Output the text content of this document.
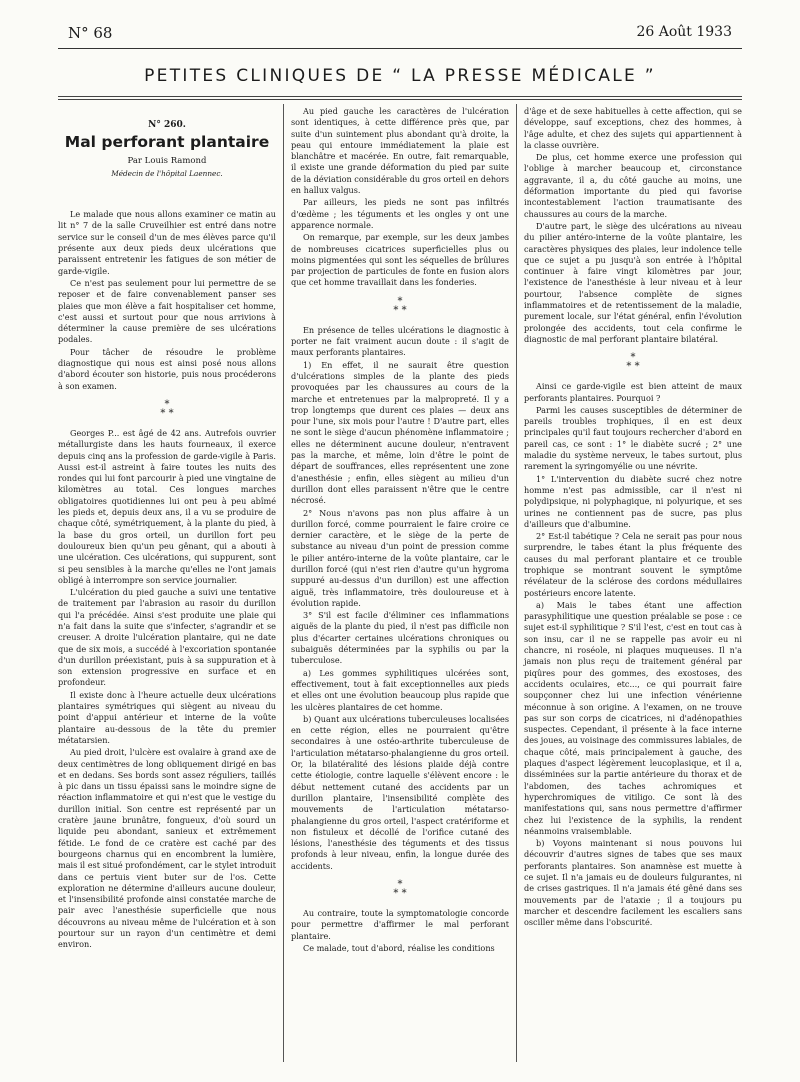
N° 68	26 Août 1933
PETITES CLINIQUES DE “ LA PRESSE MÉDICALE ”
N° 260.
Mal perforant plantaire
Par Louis Ramond
Médecin de l'hôpital Laennec.

Le malade que nous allons examiner ce matin au lit n° 7 de la salle Cruveilhier est entré dans notre service sur le conseil d'un de mes élèves parce qu'il présente aux deux pieds deux ulcérations que paraissent entretenir les fatigues de son métier de garde-vigile.

Ce n'est pas seulement pour lui permettre de se reposer et de faire convenablement panser ses plaies que mon élève a fait hospitaliser cet homme, c'est aussi et surtout pour que nous arrivions à déterminer la cause première de ses ulcérations podales.

Pour tâcher de résoudre le problème diagnostique qui nous est ainsi posé nous allons d'abord écouter son historie, puis nous procéderons à son examen.

*
* *

Georges P... est âgé de 42 ans. Autrefois ouvrier métallurgiste dans les hauts fourneaux, il exerce depuis cinq ans la profession de garde-vigile à Paris. Aussi est-il astreint à faire toutes les nuits des rondes qui lui font parcourir à pied une vingtaine de kilomètres au total. Ces longues marches obligatoires quotidiennes lui ont peu à peu abîmé les pieds et, depuis deux ans, il a vu se produire de chaque côté, symétriquement, à la plante du pied, à la base du gros orteil, un durillon fort peu douloureux bien qu'un peu gênant, qui a abouti à une ulcération. Ces ulcérations, qui suppurent, sont si peu sensibles à la marche qu'elles ne l'ont jamais obligé à interrompre son service journalier.

L'ulcération du pied gauche a suivi une tentative de traitement par l'abrasion au rasoir du durillon qui l'a précédée. Ainsi s'est produite une plaie qui n'a fait dans la suite que s'infecter, s'agrandir et se creuser. A droite l'ulcération plantaire, qui ne date que de six mois, a succédé à l'excoriation spontanée d'un durillon préexistant, puis à sa suppuration et à son extension progressive en surface et en profondeur.

Il existe donc à l'heure actuelle deux ulcérations plantaires symétriques qui siègent au niveau du point d'appui antérieur et interne de la voûte plantaire au-dessous de la tête du premier métatarsien.

Au pied droit, l'ulcère est ovalaire à grand axe de deux centimètres de long obliquement dirigé en bas et en dedans. Ses bords sont assez réguliers, taillés à pic dans un tissu épaissi sans le moindre signe de réaction inflammatoire et qui n'est que le vestige du durillon initial. Son centre est représenté par un cratère jaune brunâtre, fongueux, d'où sourd un liquide peu abondant, sanieux et extrêmement fétide. Le fond de ce cratère est caché par des bourgeons charnus qui en encombrent la lumière, mais il est situé profondément, car le stylet introduit dans ce pertuis vient buter sur de l'os. Cette exploration ne détermine d'ailleurs aucune douleur, et l'insensibilité profonde ainsi constatée marche de pair avec l'anesthésie superficielle que nous découvrons au niveau même de l'ulcération et à son pourtour sur un rayon d'un centimètre et demi environ.

Au pied gauche les caractères de l'ulcération sont identiques, à cette différence près que, par suite d'un suintement plus abondant qu'à droite, la peau qui entoure immédiatement la plaie est blanchâtre et macérée. En outre, fait remarquable, il existe une grande déformation du pied par suite de la déviation considérable du gros orteil en dehors en hallux valgus.

Par ailleurs, les pieds ne sont pas infiltrés d'œdème ; les téguments et les ongles y ont une apparence normale.

On remarque, par exemple, sur les deux jambes de nombreuses cicatrices superficielles plus ou moins pigmentées qui sont les séquelles de brûlures par projection de particules de fonte en fusion alors que cet homme travaillait dans les fonderies.

*
* *

En présence de telles ulcérations le diagnostic à porter ne fait vraiment aucun doute : il s'agit de maux perforants plantaires.

1) En effet, il ne saurait être question d'ulcérations simples de la plante des pieds provoquées par les chaussures au cours de la marche et entretenues par la malpropreté. Il y a trop longtemps que durent ces plaies — deux ans pour l'une, six mois pour l'autre ! D'autre part, elles ne sont le siège d'aucun phénomène inflammatoire ; elles ne déterminent aucune douleur, n'entravent pas la marche, et même, loin d'être le point de départ de souffrances, elles représentent une zone d'anesthésie ; enfin, elles siègent au milieu d'un durillon dont elles paraissent n'être que le centre nécrosé.

2° Nous n'avons pas non plus affaire à un durillon forcé, comme pourraient le faire croire ce dernier caractère, et le siège de la perte de substance au niveau d'un point de pression comme le pilier antéro-interne de la voûte plantaire, car le durillon forcé (qui n'est rien d'autre qu'un hygroma suppuré au-dessus d'un durillon) est une affection aiguë, très inflammatoire, très douloureuse et à évolution rapide.

3° S'il est facile d'éliminer ces inflammations aiguës de la plante du pied, il n'est pas difficile non plus d'écarter certaines ulcérations chroniques ou subaiguës déterminées par la syphilis ou par la tuberculose.

a) Les gommes syphilitiques ulcérées sont, effectivement, tout à fait exceptionnelles aux pieds et elles ont une évolution beaucoup plus rapide que les ulcères plantaires de cet homme.

b) Quant aux ulcérations tuberculeuses localisées en cette région, elles ne pourraient qu'être secondaires à une ostéo-arthrite tuberculeuse de l'articulation métatarso-phalangienne du gros orteil. Or, la bilatéralité des lésions plaide déjà contre cette étiologie, contre laquelle s'élèvent encore : le début nettement cutané des accidents par un durillon plantaire, l'insensibilité complète des mouvements de l'articulation métatarso-phalangienne du gros orteil, l'aspect cratériforme et non fistuleux et décollé de l'orifice cutané des lésions, l'anesthésie des téguments et des tissus profonds à leur niveau, enfin, la longue durée des accidents.

*
* *

Au contraire, toute la symptomatologie concorde pour permettre d'affirmer le mal perforant plantaire.

Ce malade, tout d'abord, réalise les conditions

d'âge et de sexe habituelles à cette affection, qui se développe, sauf exceptions, chez des hommes, à l'âge adulte, et chez des sujets qui appartiennent à la classe ouvrière.

De plus, cet homme exerce une profession qui l'oblige à marcher beaucoup et, circonstance aggravante, il a, du côté gauche au moins, une déformation importante du pied qui favorise incontestablement l'action traumatisante des chaussures au cours de la marche.

D'autre part, le siège des ulcérations au niveau du pilier antéro-interne de la voûte plantaire, les caractères physiques des plaies, leur indolence telle que ce sujet a pu jusqu'à son entrée à l'hôpital continuer à faire vingt kilomètres par jour, l'existence de l'anesthésie à leur niveau et à leur pourtour, l'absence complète de signes inflammatoires et de retentissement de la maladie, purement locale, sur l'état général, enfin l'évolution prolongée des accidents, tout cela confirme le diagnostic de mal perforant plantaire bilatéral.

*
* *

Ainsi ce garde-vigile est bien atteint de maux perforants plantaires. Pourquoi ?

Parmi les causes susceptibles de déterminer de pareils troubles trophiques, il en est deux principales qu'il faut toujours rechercher d'abord en pareil cas, ce sont : 1° le diabète sucré ; 2° une maladie du système nerveux, le tabes surtout, plus rarement la syringomyélie ou une névrite.

1° L'intervention du diabète sucré chez notre homme n'est pas admissible, car il n'est ni polydipsique, ni polyphagique, ni polyurique, et ses urines ne contiennent pas de sucre, pas plus d'ailleurs que d'albumine.

2° Est-il tabétique ? Cela ne serait pas pour nous surprendre, le tabes étant la plus fréquente des causes du mal perforant plantaire et ce trouble trophique se montrant souvent le symptôme révélateur de la sclérose des cordons médullaires postérieurs encore latente.

a) Mais le tabes étant une affection parasyphilitique une question préalable se pose : ce sujet est-il syphilitique ? S'il l'est, c'est en tout cas à son insu, car il ne se rappelle pas avoir eu ni chancre, ni roséole, ni plaques muqueuses. Il n'a jamais non plus reçu de traitement général par piqûres pour des gommes, des exostoses, des accidents oculaires, etc..., ce qui pourrait faire soupçonner chez lui une infection vénérienne méconnue à son origine. A l'examen, on ne trouve pas sur son corps de cicatrices, ni d'adénopathies suspectes. Cependant, il présente à la face interne des joues, au voisinage des commissures labiales, de chaque côté, mais principalement à gauche, des plaques d'aspect légèrement leucoplasique, et il a, disséminées sur la partie antérieure du thorax et de l'abdomen, des taches achromiques et hyperchromiques de vitiligo. Ce sont là des manifestations qui, sans nous permettre d'affirmer chez lui l'existence de la syphilis, la rendent néanmoins vraisemblable.

b) Voyons maintenant si nous pouvons lui découvrir d'autres signes de tabes que ses maux perforants plantaires. Son anamnèse est muette à ce sujet. Il n'a jamais eu de douleurs fulgurantes, ni de crises gastriques. Il n'a jamais été gêné dans ses mouvements par de l'ataxie ; il a toujours pu marcher et descendre facilement les escaliers sans osciller même dans l'obscurité.
